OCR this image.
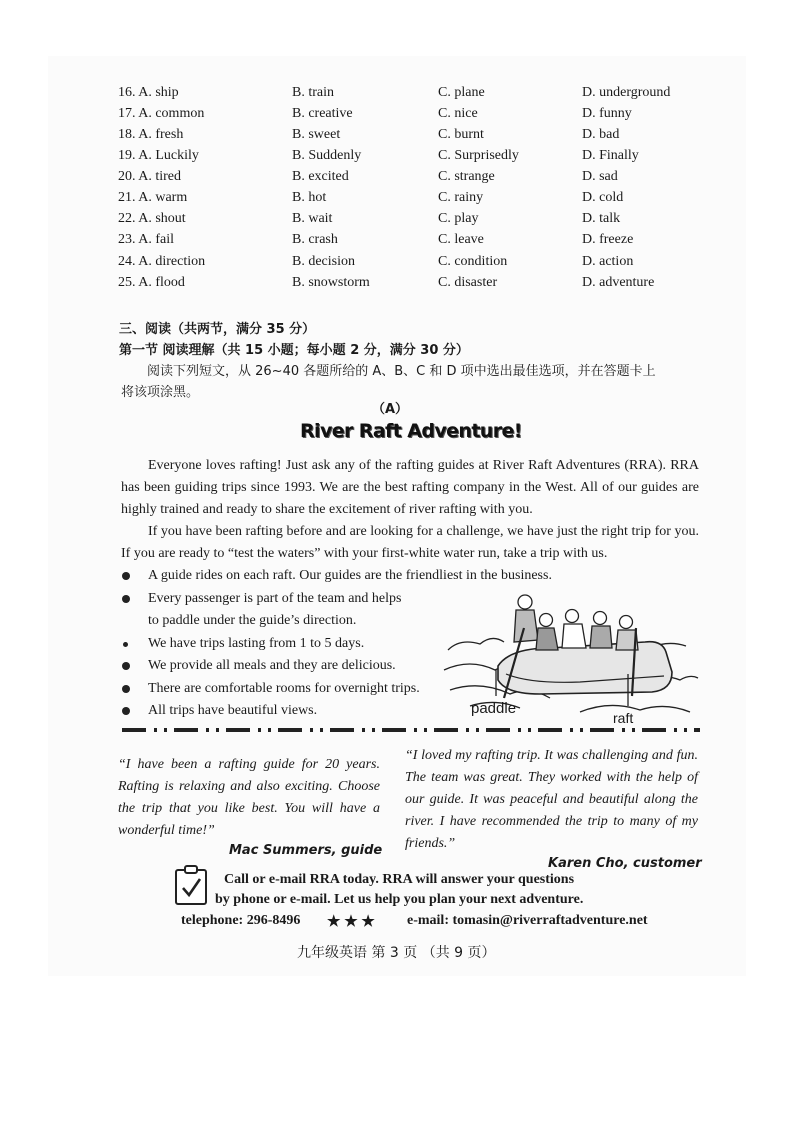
16. A. ship	B. train	C. plane	D. underground
17. A. common	B. creative	C. nice	D. funny
18. A. fresh	B. sweet	C. burnt	D. bad
19. A. Luckily	B. Suddenly	C. Surprisedly	D. Finally
20. A. tired	B. excited	C. strange	D. sad
21. A. warm	B. hot	C. rainy	D. cold
22. A. shout	B. wait	C. play	D. talk
23. A. fail	B. crash	C. leave	D. freeze
24. A. direction	B. decision	C. condition	D. action
25. A. flood	B. snowstorm	C. disaster	D. adventure
三、阅读（共两节，满分 35 分）
第一节 阅读理解（共 15 小题；每小题 2 分，满分 30 分）
阅读下列短文，从 26~40 各题所给的 A、B、C 和 D 项中选出最佳选项，并在答题卡上
将该项涂黑。
（A）
River Raft Adventure!
Everyone loves rafting! Just ask any of the rafting guides at River Raft Adventures (RRA). RRA has been guiding trips since 1993. We are the best rafting company in the West. All of our guides are highly trained and ready to share the excitement of river rafting with you.
If you have been rafting before and are looking for a challenge, we have just the right trip for you. If you are ready to “test the waters” with your first-white water run, take a trip with us.
A guide rides on each raft. Our guides are the friendliest in the business.
Every passenger is part of the team and helps
to paddle under the guide’s direction.
We have trips lasting from 1 to 5 days.
We provide all meals and they are delicious.
There are comfortable rooms for overnight trips.
All trips have beautiful views.	paddle
raft
“I have been a rafting guide for 20 years. Rafting is relaxing and also exciting. Choose the trip that you like best. You will have a wonderful time!”
Mac Summers, guide
“I loved my rafting trip. It was challenging and fun. The team was great. They worked with the help of our guide. It was peaceful and beautiful along the river. I have recommended the trip to many of my friends.”
Karen Cho, customer
Call or e-mail RRA today. RRA will answer your questions
by phone or e-mail. Let us help you plan your next adventure.
telephone: 296-8496 ★ ★ ★ e-mail: tomasin@riverraftadventure.net
九年级英语 第 3 页 （共 9 页）
